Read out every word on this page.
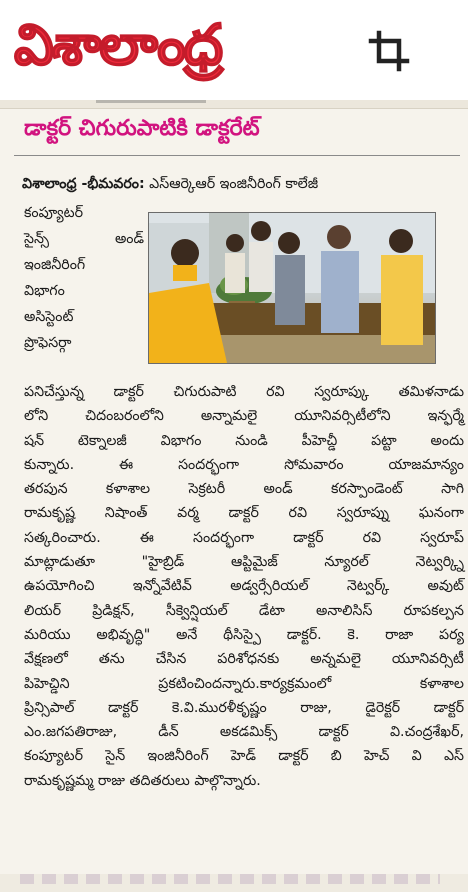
విశాలాంధ్ర
డాక్టర్ చిగురుపాటికి డాక్టరేట్
విశాలాంధ్ర -భీమవరం: ఎస్ఆర్కెఆర్ ఇంజినీరింగ్ కాలేజీ
కంప్యూటర్
సైన్స్ అండ్
ఇంజినీరింగ్
విభాగం
అసిస్టెంట్
ప్రొఫెసర్గా

పనిచేస్తున్న డాక్టర్ చిగురుపాటి రవి స్వరూప్కు తమిళనాడు

లోని చిదంబరంలోని అన్నామలై యూనివర్సిటీలోని ఇన్ఫర్మే

షన్ టెక్నాలజీ విభాగం నుండి పీహెచ్డీ పట్టా అందు

కున్నారు. ఈ సందర్భంగా సోమవారం యాజమాన్యం

తరపున కళాశాల సెక్రటరీ అండ్ కరస్పాండెంట్ సాగి

రామకృష్ణ నిషాంత్ వర్మ డాక్టర్ రవి స్వరూప్ను ఘనంగా

సత్కరించారు. ఈ సందర్భంగా డాక్టర్ రవి స్వరూప్

మాట్లాడుతూ "హైబ్రిడ్ ఆప్టిమైజ్ న్యూరల్ నెట్వర్క్ని

ఉపయోగించి ఇన్నోవేటివ్ అడ్వర్సేరియల్ నెట్వర్క్ అవుట్

లియర్ ప్రిడిక్షన్, సీక్వెన్షియల్ డేటా అనాలిసిస్ రూపకల్పన

మరియు అభివృద్ధి" అనే థీసిస్పై డాక్టర్. కె. రాజా పర్య

వేక్షణలో తను చేసిన పరిశోధనకు అన్నమలై యూనివర్సిటీ

పిహెచ్డిని ప్రకటించిందన్నారు.కార్యక్రమంలో కళాశాల

ప్రిన్సిపాల్ డాక్టర్ కె.వి.మురళీకృష్ణం రాజు, డైరెక్టర్ డాక్టర్

ఎం.జగపతిరాజు, డీన్ అకడమిక్స్ డాక్టర్ వి.చంద్రశేఖర్,

కంప్యూటర్ సైన్ ఇంజినీరింగ్ హెడ్ డాక్టర్ బి హెచ్ వి ఎస్

రామకృష్ణమ్మ రాజు తదితరులు పాల్గొన్నారు.
